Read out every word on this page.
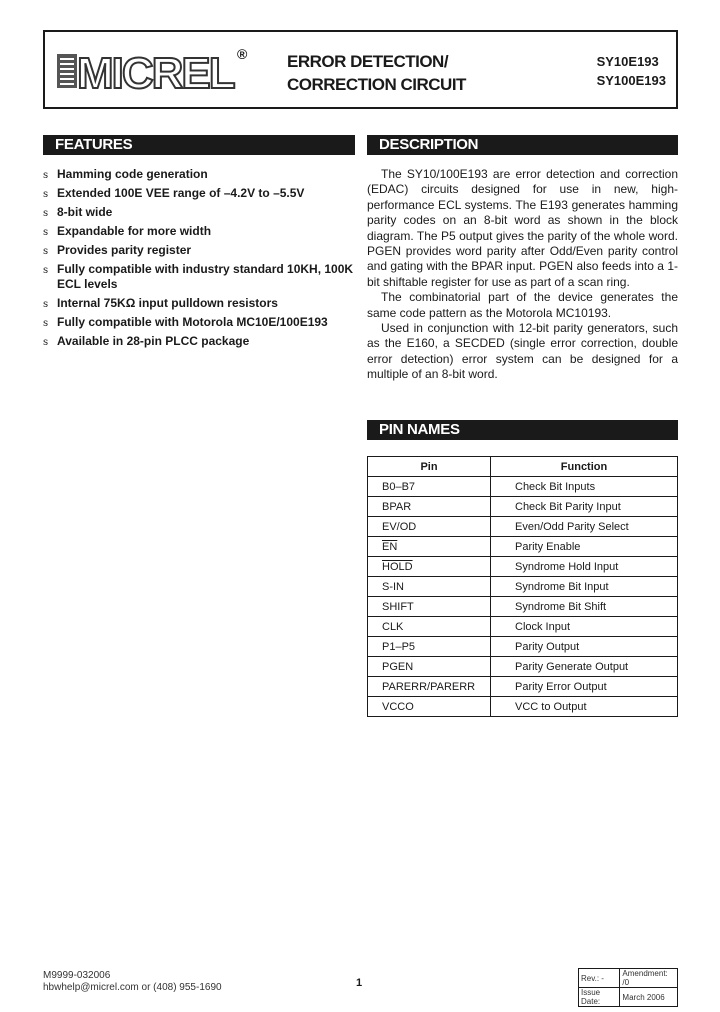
MICREL ® ERROR DETECTION/
CORRECTION CIRCUIT
SY10E193
SY100E193
FEATURES
s Hamming code generation
s Extended 100E VEE range of –4.2V to –5.5V
s 8-bit wide
s Expandable for more width
s Provides parity register
s Fully compatible with industry standard 10KH, 100K ECL levels
s Internal 75KΩ input pulldown resistors
s Fully compatible with Motorola MC10E/100E193
s Available in 28-pin PLCC package
DESCRIPTION

The SY10/100E193 are error detection and correction (EDAC) circuits designed for use in new, high-performance ECL systems. The E193 generates hamming parity codes on an 8-bit word as shown in the block diagram. The P5 output gives the parity of the whole word. PGEN provides word parity after Odd/Even parity control and gating with the BPAR input. PGEN also feeds into a 1-bit shiftable register for use as part of a scan ring.

The combinatorial part of the device generates the same code pattern as the Motorola MC10193.

Used in conjunction with 12-bit parity generators, such as the E160, a SECDED (single error correction, double error detection) error system can be designed for a multiple of an 8-bit word.

PIN NAMES
Pin	Function
B0–B7	Check Bit Inputs
BPAR	Check Bit Parity Input
EV/OD	Even/Odd Parity Select
$\overline{EN}$	Parity Enable
HOLD	Syndrome Hold Input
S-IN	Syndrome Bit Input
SHIFT	Syndrome Bit Shift
CLK	Clock Input
P1–P5	Parity Output
PGEN	Parity Generate Output
PARERR/PARERR	Parity Error Output
VCCO	VCC to Output
M9999-032006
hbwhelp@micrel.com or (408) 955-1690	1	Rev.: -	Amendment: /0
Issue Date:	March 2006
